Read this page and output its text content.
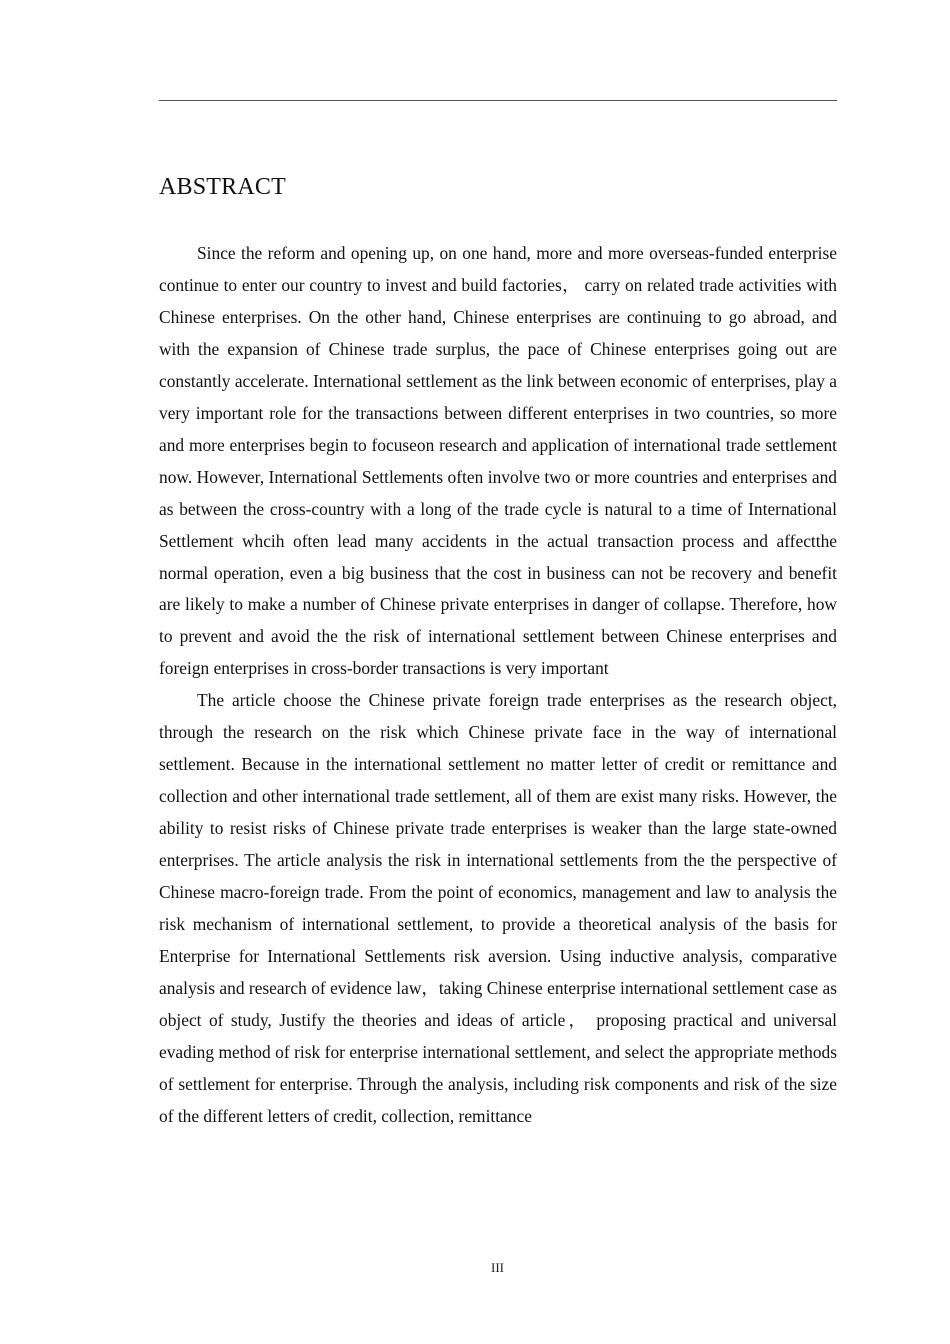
ABSTRACT

Since the reform and opening up, on one hand, more and more overseas-funded enterprise continue to enter our country to invest and build factories， carry on related trade activities with Chinese enterprises. On the other hand, Chinese enterprises are continuing to go abroad, and with the expansion of Chinese trade surplus, the pace of Chinese enterprises going out are constantly accelerate. International settlement as the link between economic of enterprises, play a very important role for the transactions between different enterprises in two countries, so more and more enterprises begin to focuseon research and application of international trade settlement now. However, International Settlements often involve two or more countries and enterprises and as between the cross-country with a long of the trade cycle is natural to a time of International Settlement whcih often lead many accidents in the actual transaction process and affectthe normal operation, even a big business that the cost in business can not be recovery and benefit are likely to make a number of Chinese private enterprises in danger of collapse. Therefore, how to prevent and avoid the the risk of international settlement between Chinese enterprises and foreign enterprises in cross-border transactions is very important

The article choose the Chinese private foreign trade enterprises as the research object, through the research on the risk which Chinese private face in the way of international settlement. Because in the international settlement no matter letter of credit or remittance and collection and other international trade settlement, all of them are exist many risks. However, the ability to resist risks of Chinese private trade enterprises is weaker than the large state-owned enterprises. The article analysis the risk in international settlements from the the perspective of Chinese macro-foreign trade. From the point of economics, management and law to analysis the risk mechanism of international settlement, to provide a theoretical analysis of the basis for Enterprise for International Settlements risk aversion. Using inductive analysis, comparative analysis and research of evidence law，taking Chinese enterprise international settlement case as object of study, Justify the theories and ideas of article， proposing practical and universal evading method of risk for enterprise international settlement, and select the appropriate methods of settlement for enterprise. Through the analysis, including risk components and risk of the size of the different letters of credit, collection, remittance

III
